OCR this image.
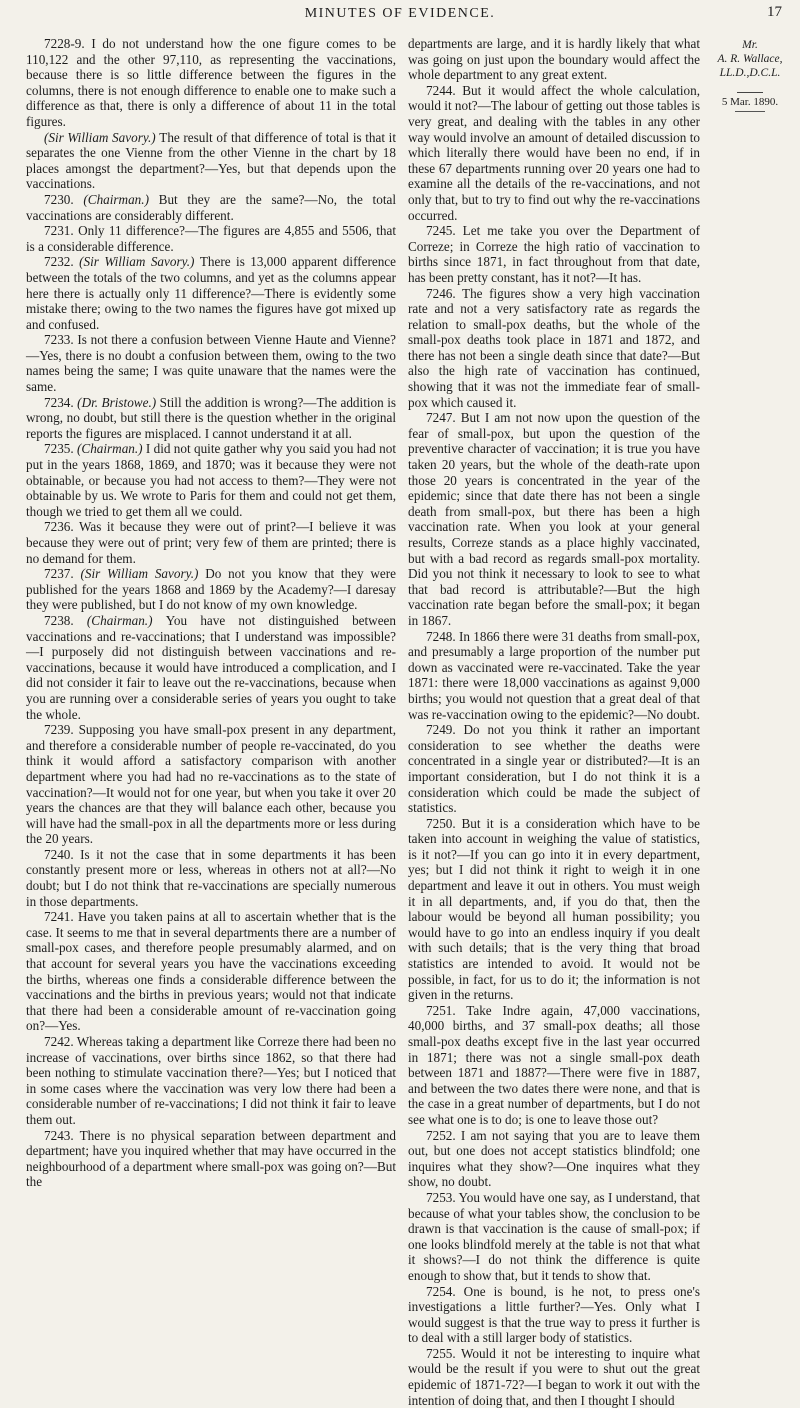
MINUTES OF EVIDENCE.	17

7228-9. I do not understand how the one figure comes to be 110,122 and the other 97,110, as representing the vaccinations, because there is so little difference between the figures in the columns, there is not enough difference to enable one to make such a difference as that, there is only a difference of about 11 in the total figures.

(Sir William Savory.) The result of that difference of total is that it separates the one Vienne from the other Vienne in the chart by 18 places amongst the department?—Yes, but that depends upon the vaccinations.

7230. (Chairman.) But they are the same?—No, the total vaccinations are considerably different.

7231. Only 11 difference?—The figures are 4,855 and 5506, that is a considerable difference.

7232. (Sir William Savory.) There is 13,000 apparent difference between the totals of the two columns, and yet as the columns appear here there is actually only 11 difference?—There is evidently some mistake there; owing to the two names the figures have got mixed up and confused.

7233. Is not there a confusion between Vienne Haute and Vienne?—Yes, there is no doubt a confusion between them, owing to the two names being the same; I was quite unaware that the names were the same.

7234. (Dr. Bristowe.) Still the addition is wrong?—The addition is wrong, no doubt, but still there is the question whether in the original reports the figures are misplaced. I cannot understand it at all.

7235. (Chairman.) I did not quite gather why you said you had not put in the years 1868, 1869, and 1870; was it because they were not obtainable, or because you had not access to them?—They were not obtainable by us. We wrote to Paris for them and could not get them, though we tried to get them all we could.

7236. Was it because they were out of print?—I believe it was because they were out of print; very few of them are printed; there is no demand for them.

7237. (Sir William Savory.) Do not you know that they were published for the years 1868 and 1869 by the Academy?—I daresay they were published, but I do not know of my own knowledge.

7238. (Chairman.) You have not distinguished between vaccinations and re-vaccinations; that I understand was impossible?—I purposely did not distinguish between vaccinations and re-vaccinations, because it would have introduced a complication, and I did not consider it fair to leave out the re-vaccinations, because when you are running over a considerable series of years you ought to take the whole.

7239. Supposing you have small-pox present in any department, and therefore a considerable number of people re-vaccinated, do you think it would afford a satisfactory comparison with another department where you had had no re-vaccinations as to the state of vaccination?—It would not for one year, but when you take it over 20 years the chances are that they will balance each other, because you will have had the small-pox in all the departments more or less during the 20 years.

7240. Is it not the case that in some departments it has been constantly present more or less, whereas in others not at all?—No doubt; but I do not think that re-vaccinations are specially numerous in those departments.

7241. Have you taken pains at all to ascertain whether that is the case. It seems to me that in several departments there are a number of small-pox cases, and therefore people presumably alarmed, and on that account for several years you have the vaccinations exceeding the births, whereas one finds a considerable difference between the vaccinations and the births in previous years; would not that indicate that there had been a considerable amount of re-vaccination going on?—Yes.

7242. Whereas taking a department like Correze there had been no increase of vaccinations, over births since 1862, so that there had been nothing to stimulate vaccination there?—Yes; but I noticed that in some cases where the vaccination was very low there had been a considerable number of re-vaccinations; I did not think it fair to leave them out.

7243. There is no physical separation between department and department; have you inquired whether that may have occurred in the neighbourhood of a department where small-pox was going on?—But the

departments are large, and it is hardly likely that what was going on just upon the boundary would affect the whole department to any great extent.

7244. But it would affect the whole calculation, would it not?—The labour of getting out those tables is very great, and dealing with the tables in any other way would involve an amount of detailed discussion to which literally there would have been no end, if in these 67 departments running over 20 years one had to examine all the details of the re-vaccinations, and not only that, but to try to find out why the re-vaccinations occurred.

7245. Let me take you over the Department of Correze; in Correze the high ratio of vaccination to births since 1871, in fact throughout from that date, has been pretty constant, has it not?—It has.

7246. The figures show a very high vaccination rate and not a very satisfactory rate as regards the relation to small-pox deaths, but the whole of the small-pox deaths took place in 1871 and 1872, and there has not been a single death since that date?—But also the high rate of vaccination has continued, showing that it was not the immediate fear of small-pox which caused it.

7247. But I am not now upon the question of the fear of small-pox, but upon the question of the preventive character of vaccination; it is true you have taken 20 years, but the whole of the death-rate upon those 20 years is concentrated in the year of the epidemic; since that date there has not been a single death from small-pox, but there has been a high vaccination rate. When you look at your general results, Correze stands as a place highly vaccinated, but with a bad record as regards small-pox mortality. Did you not think it necessary to look to see to what that bad record is attributable?—But the high vaccination rate began before the small-pox; it began in 1867.

7248. In 1866 there were 31 deaths from small-pox, and presumably a large proportion of the number put down as vaccinated were re-vaccinated. Take the year 1871: there were 18,000 vaccinations as against 9,000 births; you would not question that a great deal of that was re-vaccination owing to the epidemic?—No doubt.

7249. Do not you think it rather an important consideration to see whether the deaths were concentrated in a single year or distributed?—It is an important consideration, but I do not think it is a consideration which could be made the subject of statistics.

7250. But it is a consideration which have to be taken into account in weighing the value of statistics, is it not?—If you can go into it in every department, yes; but I did not think it right to weigh it in one department and leave it out in others. You must weigh it in all departments, and, if you do that, then the labour would be beyond all human possibility; you would have to go into an endless inquiry if you dealt with such details; that is the very thing that broad statistics are intended to avoid. It would not be possible, in fact, for us to do it; the information is not given in the returns.

7251. Take Indre again, 47,000 vaccinations, 40,000 births, and 37 small-pox deaths; all those small-pox deaths except five in the last year occurred in 1871; there was not a single small-pox death between 1871 and 1887?—There were five in 1887, and between the two dates there were none, and that is the case in a great number of departments, but I do not see what one is to do; is one to leave those out?

7252. I am not saying that you are to leave them out, but one does not accept statistics blindfold; one inquires what they show?—One inquires what they show, no doubt.

7253. You would have one say, as I understand, that because of what your tables show, the conclusion to be drawn is that vaccination is the cause of small-pox; if one looks blindfold merely at the table is not that what it shows?—I do not think the difference is quite enough to show that, but it tends to show that.

7254. One is bound, is he not, to press one's investigations a little further?—Yes. Only what I would suggest is that the true way to press it further is to deal with a still larger body of statistics.

7255. Would it not be interesting to inquire what would be the result if you were to shut out the great epidemic of 1871-72?—I began to work it out with the intention of doing that, and then I thought I should

Mr.
A. R. Wallace,
LL.D.,D.C.L.
5 Mar. 1890.
